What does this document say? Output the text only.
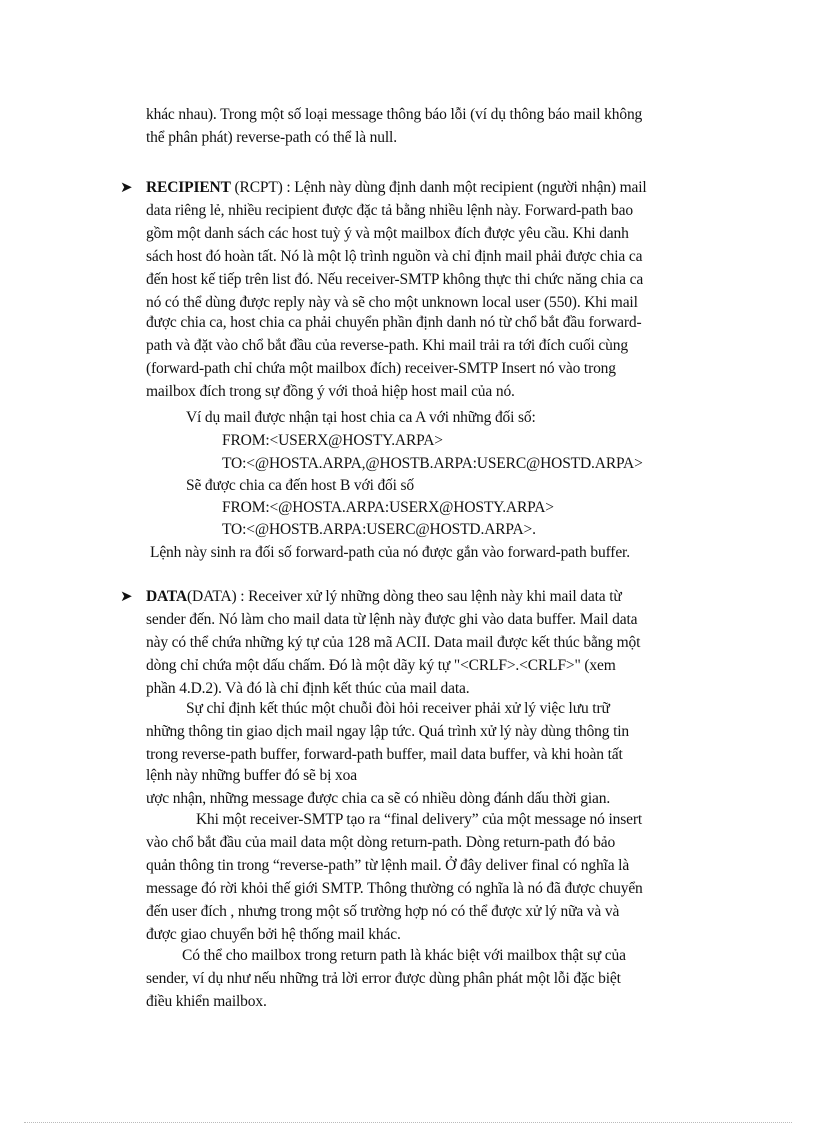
khác nhau). Trong một số loại message thông báo lỗi (ví dụ thông báo mail không
thể phân phát) reverse-path có thể là null.
➤ RECIPIENT (RCPT) : Lệnh này dùng định danh một recipient (người nhận) mail
data riêng lẻ, nhiều recipient được đặc tả bằng nhiều lệnh này. Forward-path bao
gồm một danh sách các host tuỳ ý và một mailbox đích được yêu cầu. Khi danh
sách host đó hoàn tất. Nó là một lộ trình nguồn và chỉ định mail phải được chia ca
đến host kế tiếp trên list đó. Nếu receiver-SMTP không thực thi chức năng chia ca
nó có thể dùng được reply này và sẽ cho một unknown local user (550). Khi mail
được chia ca, host chia ca phải chuyển phần định danh nó từ chổ bắt đầu forward-
path và đặt vào chổ bắt đầu của reverse-path. Khi mail trải ra tới đích cuối cùng
(forward-path chỉ chứa một mailbox đích) receiver-SMTP Insert nó vào trong
mailbox đích trong sự đồng ý với thoả hiệp host mail của nó.
Ví dụ mail được nhận tại host chia ca A với những đối số:
FROM:<USERX@HOSTY.ARPA>
TO:<@HOSTA.ARPA,@HOSTB.ARPA:USERC@HOSTD.ARPA>
Sẽ được chia ca đến host B với đối số
FROM:<@HOSTA.ARPA:USERX@HOSTY.ARPA>
TO:<@HOSTB.ARPA:USERC@HOSTD.ARPA>.
Lệnh này sinh ra đối số forward-path của nó được gắn vào forward-path buffer.
➤ DATA(DATA) : Receiver xử lý những dòng theo sau lệnh này khi mail data từ
sender đến. Nó làm cho mail data từ lệnh này được ghi vào data buffer. Mail data
này có thể chứa những ký tự của 128 mã ACII. Data mail được kết thúc bằng một
dòng chỉ chứa một dấu chấm. Đó là một dãy ký tự "<CRLF>.<CRLF>" (xem
phần 4.D.2). Và đó là chỉ định kết thúc của mail data.
Sự chỉ định kết thúc một chuỗi đòi hỏi receiver phải xử lý việc lưu trữ
những thông tin giao dịch mail ngay lập tức. Quá trình xử lý này dùng thông tin
trong reverse-path buffer, forward-path buffer, mail data buffer, và khi hoàn tất
lệnh này những buffer đó sẽ bị xoa
ược nhận, những message được chia ca sẽ có nhiều dòng đánh dấu thời gian.
Khi một receiver-SMTP tạo ra “final delivery” của một message nó insert
vào chổ bắt đầu của mail data một dòng return-path. Dòng return-path đó bảo
quản thông tin trong “reverse-path” từ lệnh mail. Ở đây deliver final có nghĩa là
message đó rời khỏi thế giới SMTP. Thông thường có nghĩa là nó đã được chuyển
đến user đích , nhưng trong một số trường hợp nó có thể được xử lý nữa và và
được giao chuyển bởi hệ thống mail khác.
Có thể cho mailbox trong return path là khác biệt với mailbox thật sự của
sender, ví dụ như nếu những trả lời error được dùng phân phát một lỗi đặc biệt
điều khiển mailbox.
